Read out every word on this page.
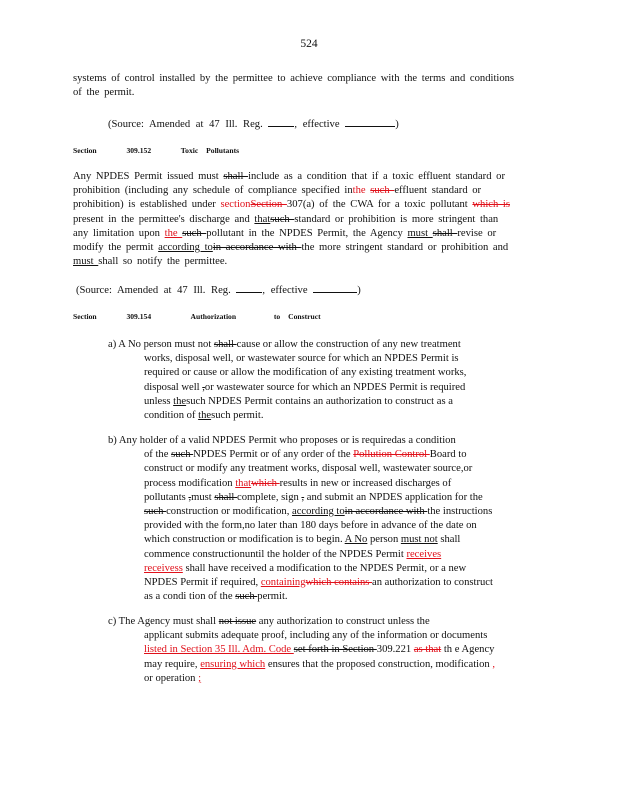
524
systems of control installed by the permittee to achieve compliance with the terms and conditions
of the permit.
(Source: Amended at 47 Ill. Reg.	, effective	)
Section	309.152	Toxic Pollutants
Any NPDES Permit issued must shall include as a condition that if a toxic effluent standard or
prohibition (including any schedule of compliance specified inthe such effluent standard or
prohibition) is established under sectionSection 307(a) of the CWA for a toxic pollutant which is
present in the permittee's discharge and thatsuch standard or prohibition is more stringent than
any limitation upon the such pollutant in the NPDES Permit, the Agency must shall revise or
modify the permit according toin accordance with the more stringent standard or prohibition and
must shall so notify the permittee.
(Source: Amended at 47 Ill. Reg.	, effective	)
Section	309.154	Authorization	to Construct
a) A No person must not shall cause or allow the construction of any new treatment
works, disposal well, or wastewater source for which an NPDES Permit is
required or cause or allow the modification of any existing treatment works,
disposal well ,or wastewater source for which an NPDES Permit is required
unless thesuch NPDES Permit contains an authorization to construct as a
condition of thesuch permit.
b) Any holder of a valid NPDES Permit who proposes or is requiredas a condition
of the such NPDES Permit or of any order of the Pollution Control Board to
construct or modify any treatment works, disposal well, wastewater source,or
process modification thatwhich results in new or increased discharges of
pollutants ,must shall complete, sign , and submit an NPDES application for the
such construction or modification, according toin accordance with the instructions
provided with the form,no later than 180 days before in advance of the date on
which construction or modification is to begin. A No person must not shall
commence constructionuntil the holder of the NPDES Permit receives
receivess shall have received a modification to the NPDES Permit, or a new
NPDES Permit if required, containingwhich contains an authorization to construct
as a condi tion of the such permit.
c) The Agency must shall not issue any authorization to construct unless the
applicant submits adequate proof, including any of the information or documents
listed in Section 35 Ill. Adm. Code set forth in Section 309.221 as that th e Agency
may require, ensuring which ensures that the proposed construction, modification ,
or operation ;
